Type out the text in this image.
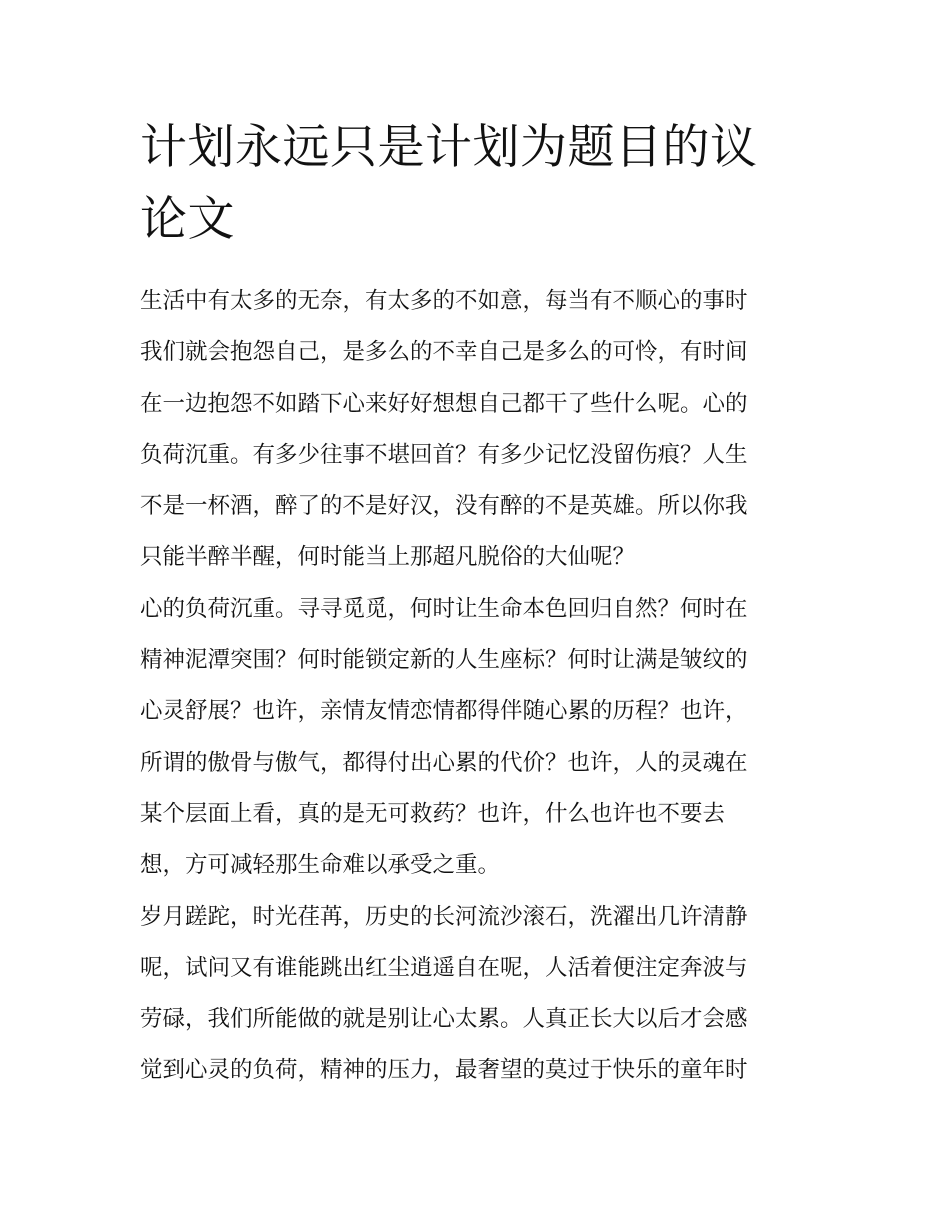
计划永远只是计划为题目的议
论文

生活中有太多的无奈，有太多的不如意，每当有不顺心的事时
我们就会抱怨自己，是多么的不幸自己是多么的可怜，有时间
在一边抱怨不如踏下心来好好想想自己都干了些什么呢。心的
负荷沉重。有多少往事不堪回首？有多少记忆没留伤痕？人生
不是一杯酒，醉了的不是好汉，没有醉的不是英雄。所以你我
只能半醉半醒，何时能当上那超凡脱俗的大仙呢？

心的负荷沉重。寻寻觅觅，何时让生命本色回归自然？何时在
精神泥潭突围？何时能锁定新的人生座标？何时让满是皱纹的
心灵舒展？也许，亲情友情恋情都得伴随心累的历程？也许，
所谓的傲骨与傲气，都得付出心累的代价？也许，人的灵魂在
某个层面上看，真的是无可救药？也许，什么也许也不要去
想，方可减轻那生命难以承受之重。

岁月蹉跎，时光荏苒，历史的长河流沙滚石，洗濯出几许清静
呢，试问又有谁能跳出红尘逍遥自在呢，人活着便注定奔波与
劳碌，我们所能做的就是别让心太累。人真正长大以后才会感
觉到心灵的负荷，精神的压力，最奢望的莫过于快乐的童年时
